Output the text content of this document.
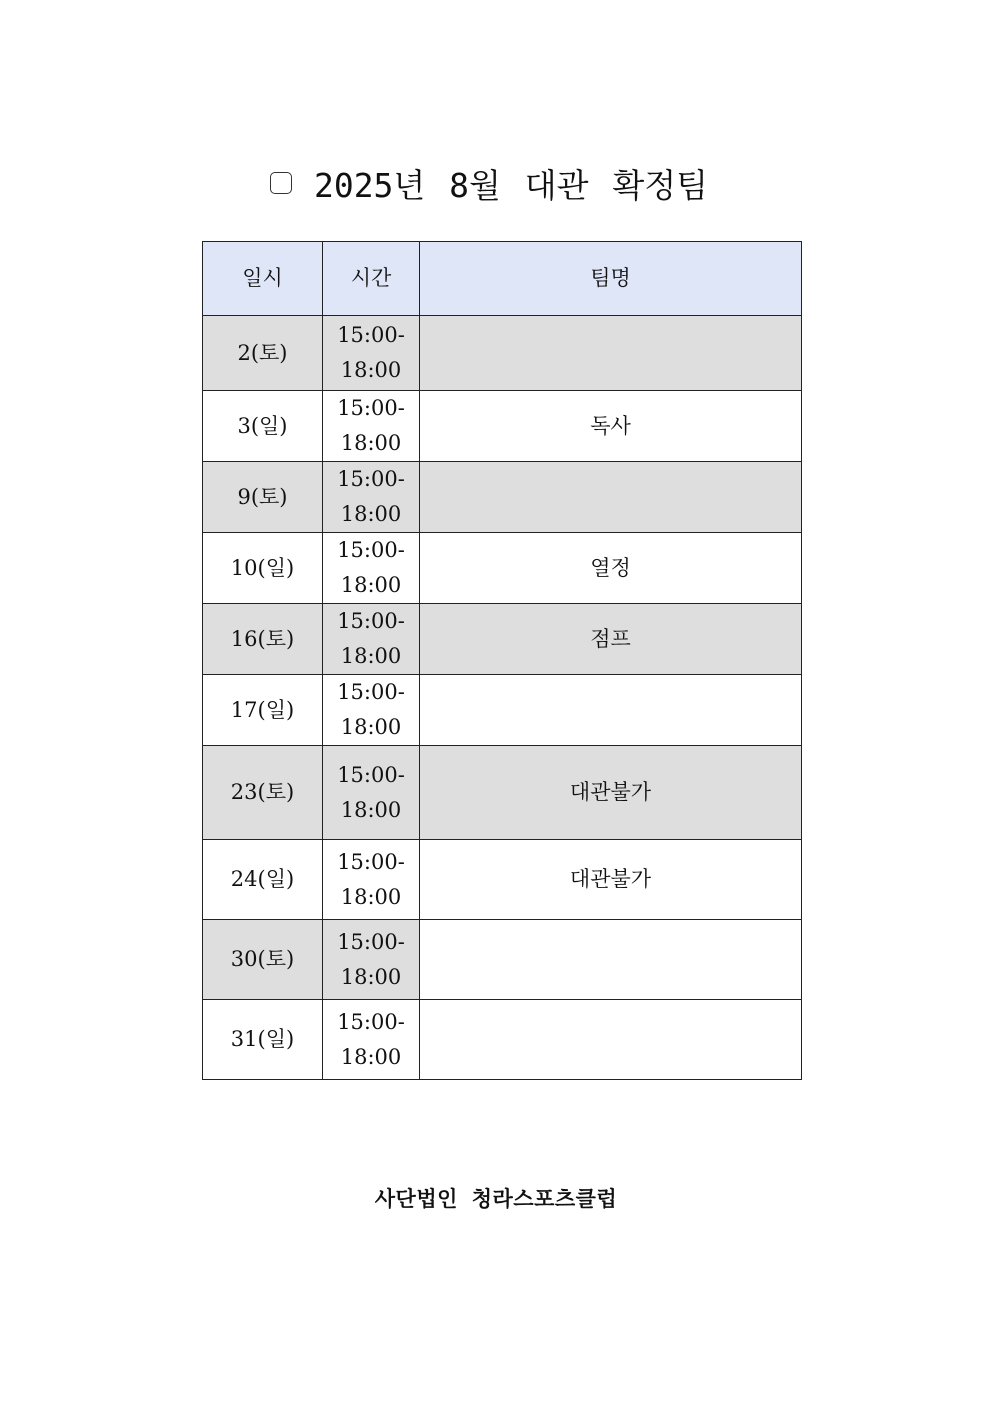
2025년 8월 대관 확정팀
일시	시간	팀명
2(토)	15:00-
18:00	

3(일)	15:00-
18:00	독사
9(토)	15:00-
18:00	

10(일)	15:00-
18:00	열정
16(토)	15:00-
18:00	점프
17(일)	15:00-
18:00	

23(토)	15:00-
18:00	대관불가
24(일)	15:00-
18:00	대관불가
30(토)	15:00-
18:00	

31(일)	15:00-
18:00	

사단법인 청라스포츠클럽
